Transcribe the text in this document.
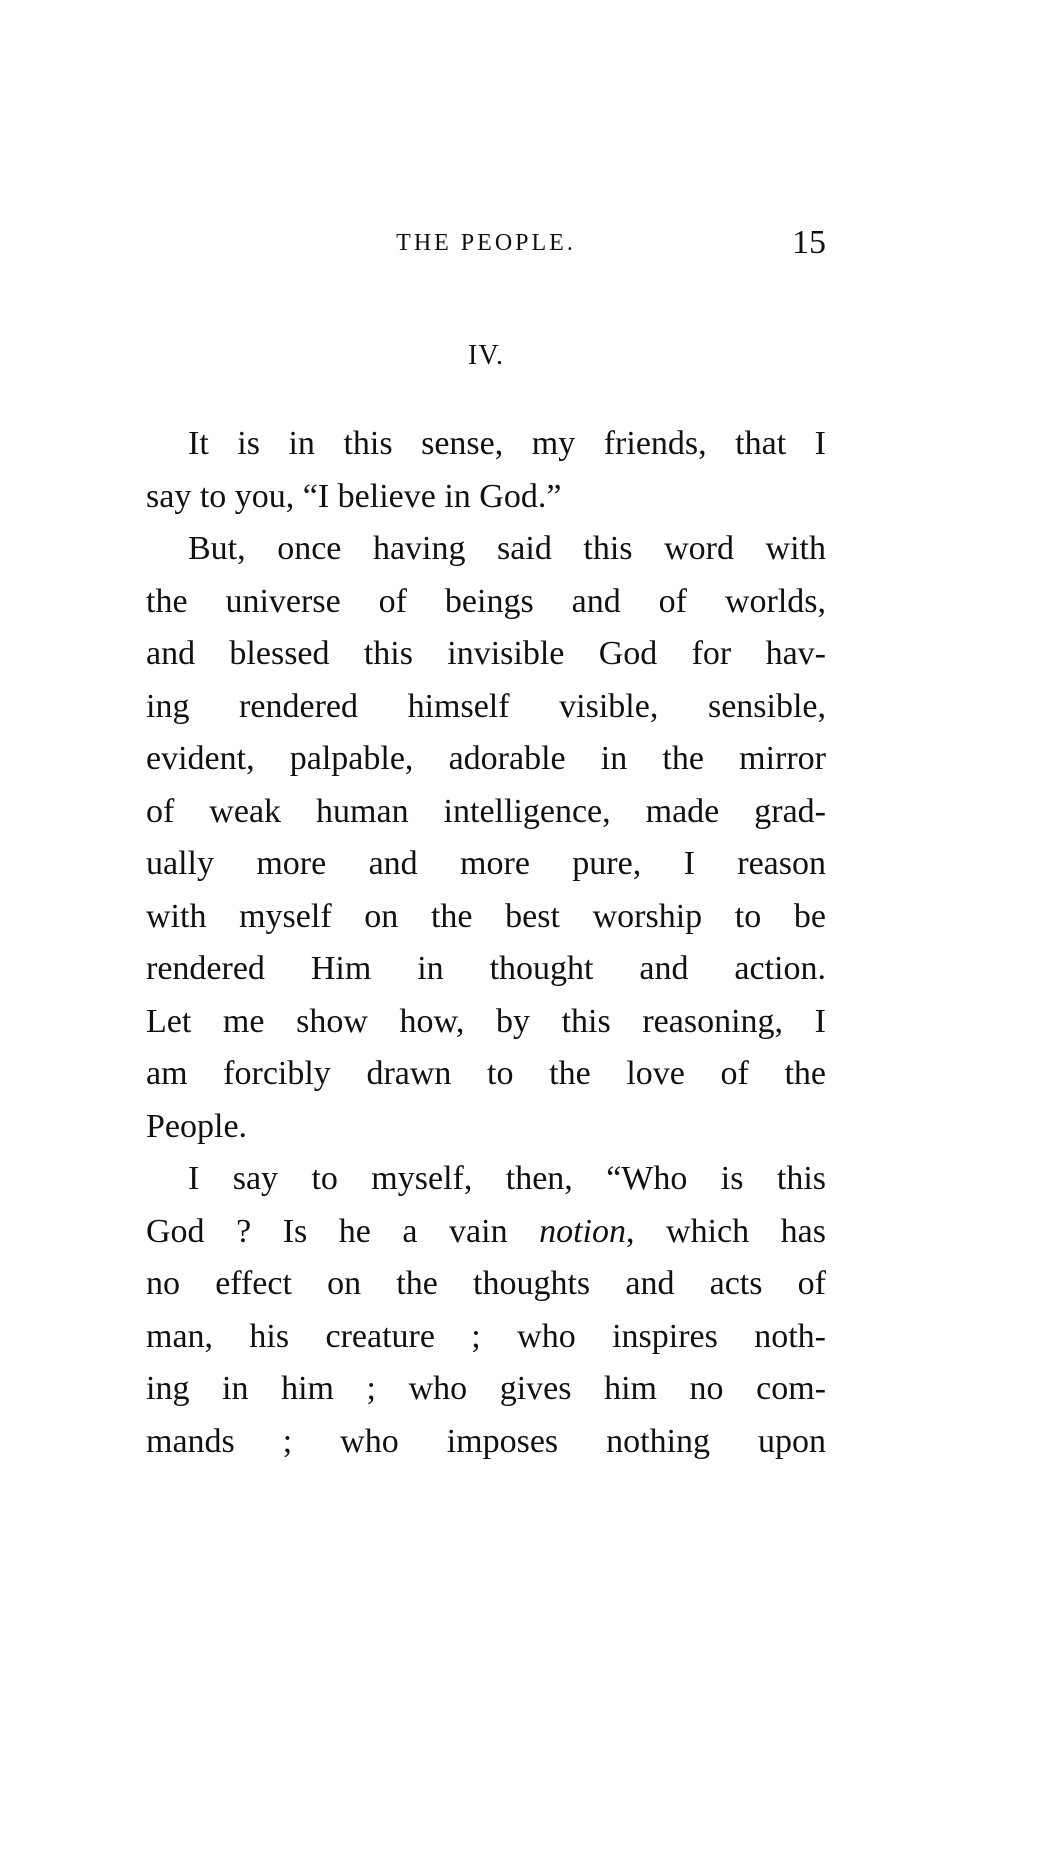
THE PEOPLE.	15
IV.
It is in this sense, my friends, that I
say to you, “I believe in God.”
But, once having said this word with
the universe of beings and of worlds,
and blessed this invisible God for hav-
ing rendered himself visible, sensible,
evident, palpable, adorable in the mirror
of weak human intelligence, made grad-
ually more and more pure, I reason
with myself on the best worship to be
rendered Him in thought and action.
Let me show how, by this reasoning, I
am forcibly drawn to the love of the
People.
I say to myself, then, “Who is this
God ? Is he a vain notion, which has
no effect on the thoughts and acts of
man, his creature ; who inspires noth-
ing in him ; who gives him no com-
mands ; who imposes nothing upon
